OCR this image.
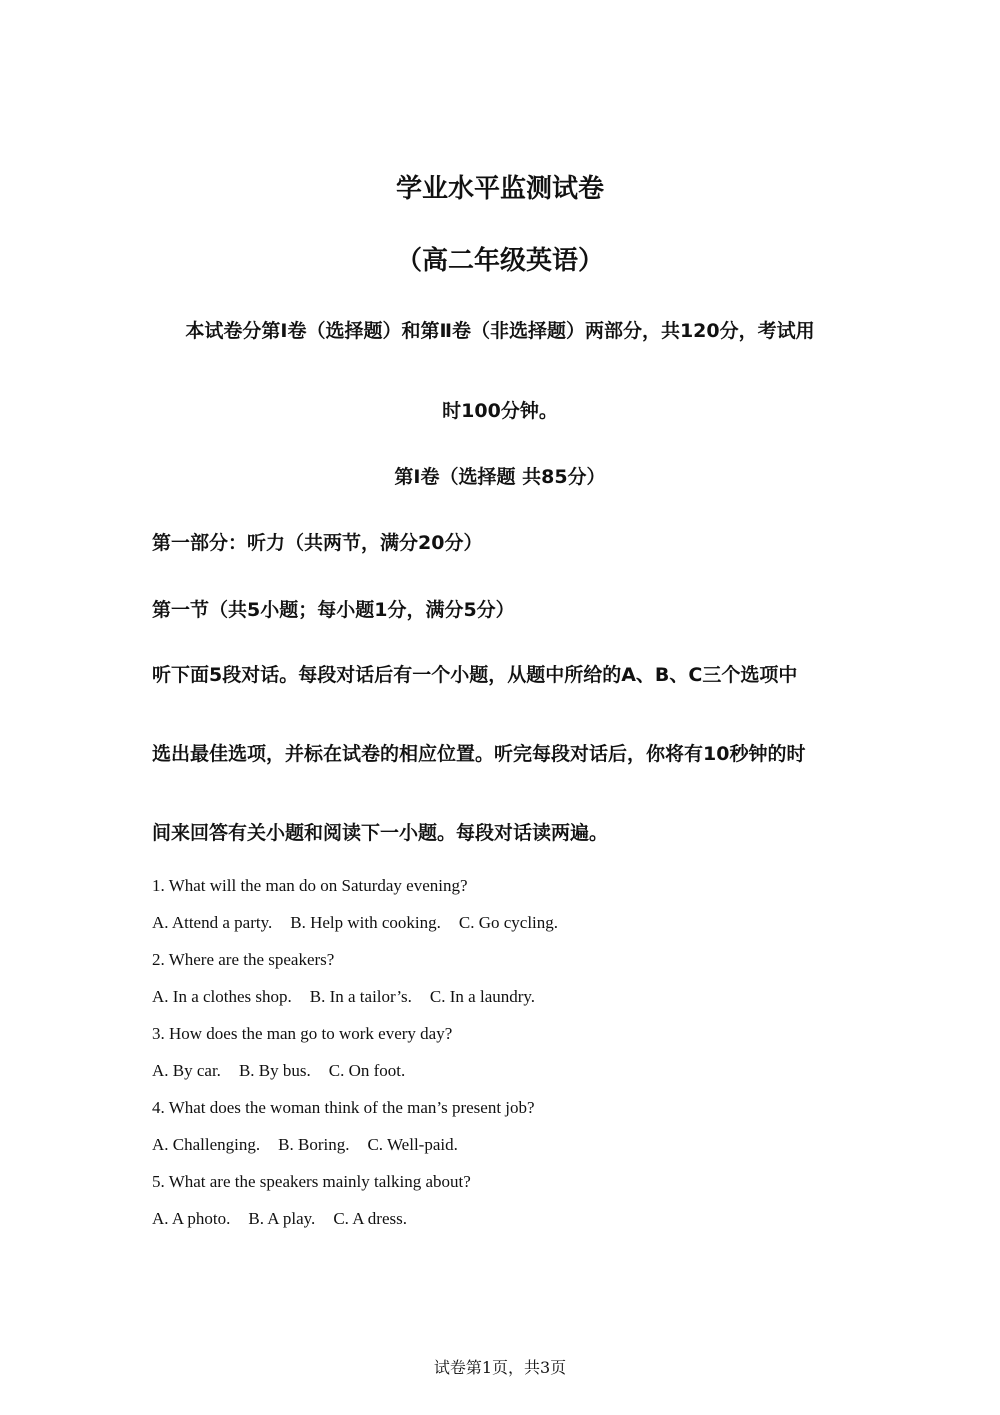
学业水平监测试卷
（高二年级英语）
本试卷分第Ⅰ卷（选择题）和第Ⅱ卷（非选择题）两部分，共120分，考试用
时100分钟。
第Ⅰ卷（选择题 共85分）
第一部分：听力（共两节，满分20分）
第一节（共5小题；每小题1分，满分5分）
听下面5段对话。每段对话后有一个小题，从题中所给的A、B、C三个选项中
选出最佳选项，并标在试卷的相应位置。听完每段对话后，你将有10秒钟的时
间来回答有关小题和阅读下一小题。每段对话读两遍。
1. What will the man do on Saturday evening?
A. Attend a party. B. Help with cooking. C. Go cycling.
2. Where are the speakers?
A. In a clothes shop. B. In a tailor’s. C. In a laundry.
3. How does the man go to work every day?
A. By car. B. By bus. C. On foot.
4. What does the woman think of the man’s present job?
A. Challenging. B. Boring. C. Well-paid.
5. What are the speakers mainly talking about?
A. A photo. B. A play. C. A dress.
试卷第1页，共3页
